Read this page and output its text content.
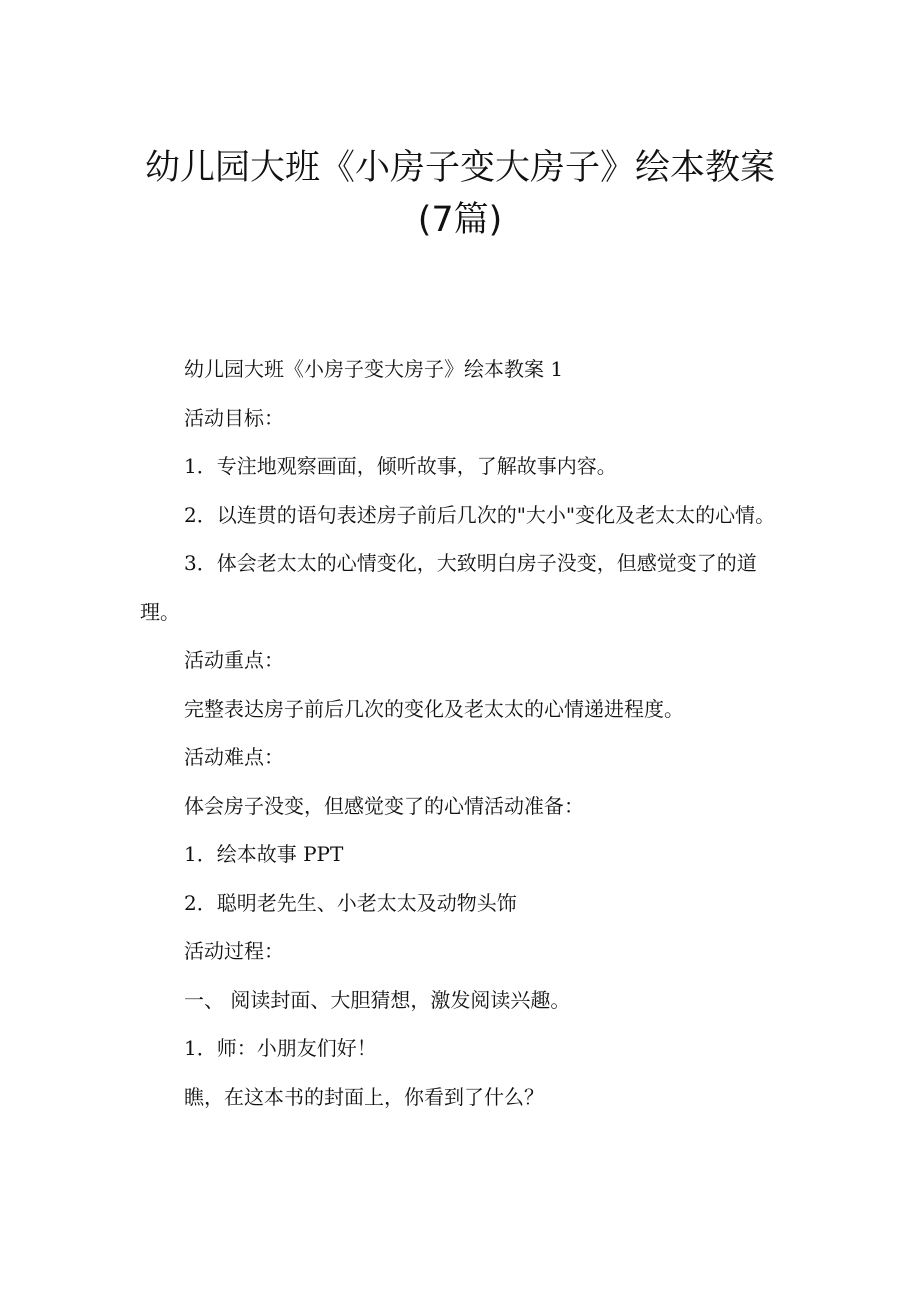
幼儿园大班《小房子变大房子》绘本教案
(7篇)

幼儿园大班《小房子变大房子》绘本教案 1

活动目标：

1．专注地观察画面，倾听故事，了解故事内容。

2．以连贯的语句表述房子前后几次的"大小"变化及老太太的心情。

3．体会老太太的心情变化，大致明白房子没变，但感觉变了的道理。

活动重点：

完整表达房子前后几次的变化及老太太的心情递进程度。

活动难点：

体会房子没变，但感觉变了的心情活动准备：

1．绘本故事 PPT

2．聪明老先生、小老太太及动物头饰

活动过程：

一、 阅读封面、大胆猜想，激发阅读兴趣。

1．师：小朋友们好！

瞧，在这本书的封面上，你看到了什么？
